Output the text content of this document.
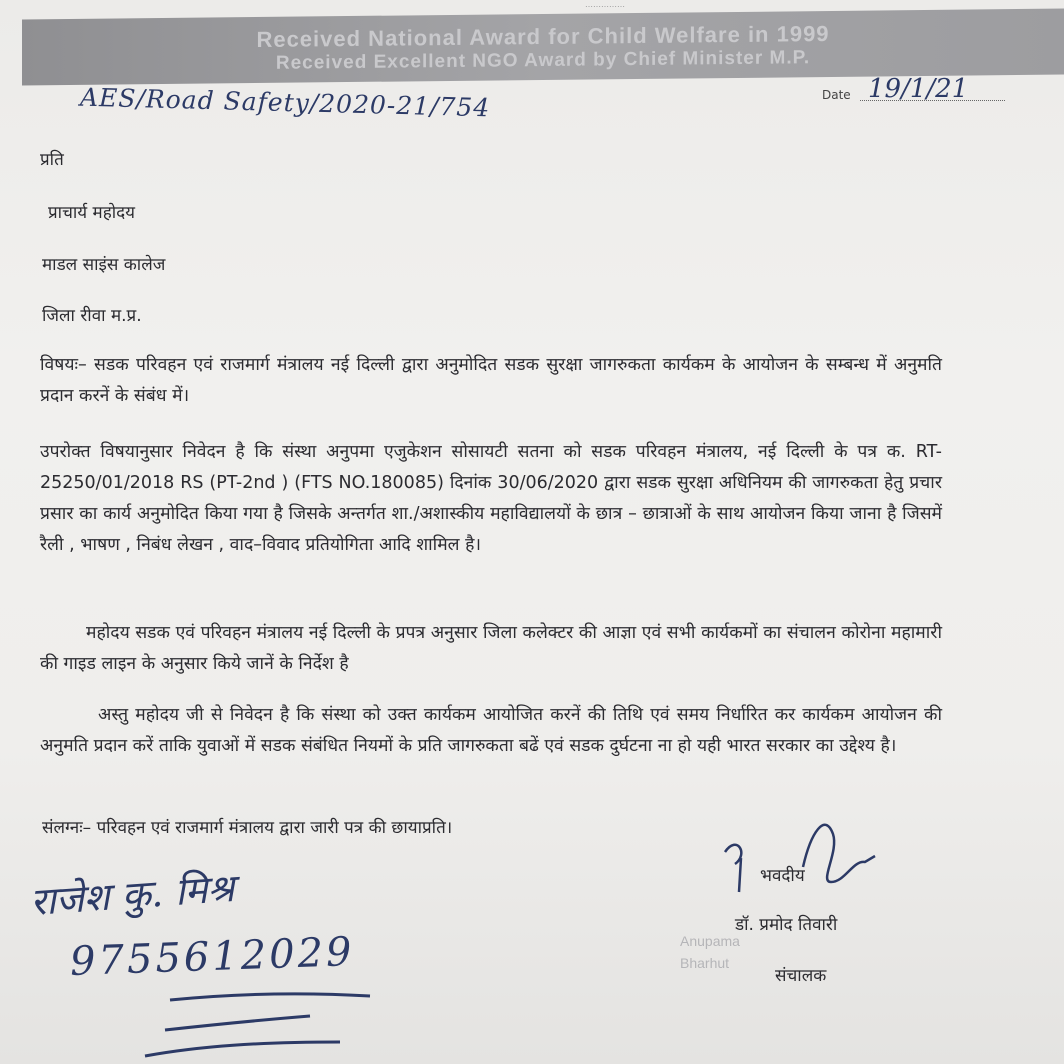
……………
Received National Award for Child Welfare in 1999
Received Excellent NGO Award by Chief Minister M.P.
AES/Road Safety/2020-21/754	Date 19/1/21
प्रति
प्राचार्य महोदय
माडल साइंस कालेज
जिला रीवा म.प्र.
विषयः– सडक परिवहन एवं राजमार्ग मंत्रालय नई दिल्ली द्वारा अनुमोदित सडक सुरक्षा जागरुकता कार्यकम के आयोजन के सम्बन्ध में अनुमति प्रदान करनें के संबंध में।
उपरोक्त विषयानुसार निवेदन है कि संस्था अनुपमा एजुकेशन सोसायटी सतना को सडक परिवहन मंत्रालय, नई दिल्ली के पत्र क. RT-25250/01/2018 RS (PT-2nd ) (FTS NO.180085) दिनांक 30/06/2020 द्वारा सडक सुरक्षा अधिनियम की जागरुकता हेतु प्रचार प्रसार का कार्य अनुमोदित किया गया है जिसके अन्तर्गत शा./अशास्कीय महाविद्यालयों के छात्र – छात्राओं के साथ आयोजन किया जाना है जिसमें रैली , भाषण , निबंध लेखन , वाद–विवाद प्रतियोगिता आदि शामिल है।
महोदय सडक एवं परिवहन मंत्रालय नई दिल्ली के प्रपत्र अनुसार जिला कलेक्टर की आज्ञा एवं सभी कार्यकमों का संचालन कोरोना महामारी की गाइड लाइन के अनुसार किये जानें के निर्देश है
अस्तु महोदय जी से निवेदन है कि संस्था को उक्त कार्यकम आयोजित करनें की तिथि एवं समय निर्धारित कर कार्यकम आयोजन की अनुमति प्रदान करें ताकि युवाओं में सडक संबंधित नियमों के प्रति जागरुकता बढें एवं सडक दुर्घटना ना हो यही भारत सरकार का उद्देश्य है।
संलग्नः– परिवहन एवं राजमार्ग मंत्रालय द्वारा जारी पत्र की छायाप्रति।
भवदीय
Anupama
Bharhut
डॉ. प्रमोद तिवारी
संचालक
राजेश कु. मिश्र
9755612029
